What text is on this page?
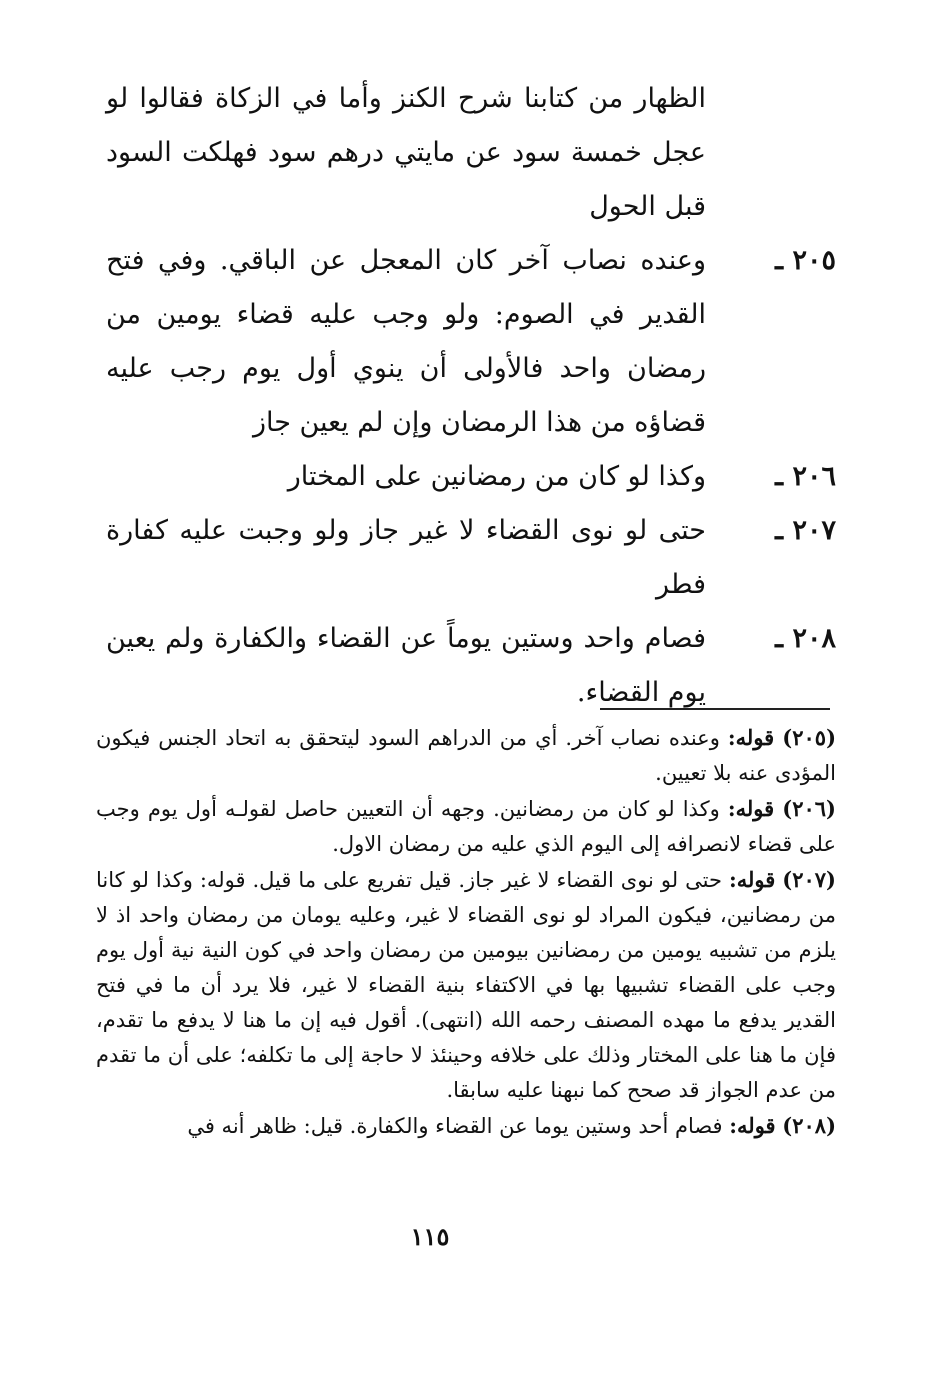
الظهار من كتابنا شرح الكنز وأما في الزكاة فقالوا لو عجل خمسة سود عن مايتي درهم سود فهلكت السود قبل الحول
٢٠٥ ـ
وعنده نصاب آخر كان المعجل عن الباقي. وفي فتح القدير في الصوم: ولو وجب عليه قضاء يومين من رمضان واحد فالأولى أن ينوي أول يوم رجب عليه قضاؤه من هذا الرمضان وإن لم يعين جاز
٢٠٦ ـ
وكذا لو كان من رمضانين على المختار
٢٠٧ ـ
حتى لو نوى القضاء لا غير جاز ولو وجبت عليه كفارة فطر
٢٠٨ ـ
فصام واحد وستين يوماً عن القضاء والكفارة ولم يعين يوم القضاء.
(٢٠٥) قوله: وعنده نصاب آخر. أي من الدراهم السود ليتحقق به اتحاد الجنس فيكون المؤدى عنه بلا تعيين.
(٢٠٦) قوله: وكذا لو كان من رمضانين. وجهه أن التعيين حاصل لقولـه أول يوم وجب على قضاء لانصرافه إلى اليوم الذي عليه من رمضان الاول.
(٢٠٧) قوله: حتى لو نوى القضاء لا غير جاز. قيل تفريع على ما قيل. قوله: وكذا لو كانا من رمضانين، فيكون المراد لو نوى القضاء لا غير، وعليه يومان من رمضان واحد اذ لا يلزم من تشبيه يومين من رمضانين بيومين من رمضان واحد في كون النية نية أول يوم وجب على القضاء تشبيها بها في الاكتفاء بنية القضاء لا غير، فلا يرد أن ما في فتح القدير يدفع ما مهده المصنف رحمه الله (انتهى). أقول فيه إن ما هنا لا يدفع ما تقدم، فإن ما هنا على المختار وذلك على خلافه وحينئذ لا حاجة إلى ما تكلفه؛ على أن ما تقدم من عدم الجواز قد صحح كما نبهنا عليه سابقا.
(٢٠٨) قوله: فصام أحد وستين يوما عن القضاء والكفارة. قيل: ظاهر أنه في
١١٥
